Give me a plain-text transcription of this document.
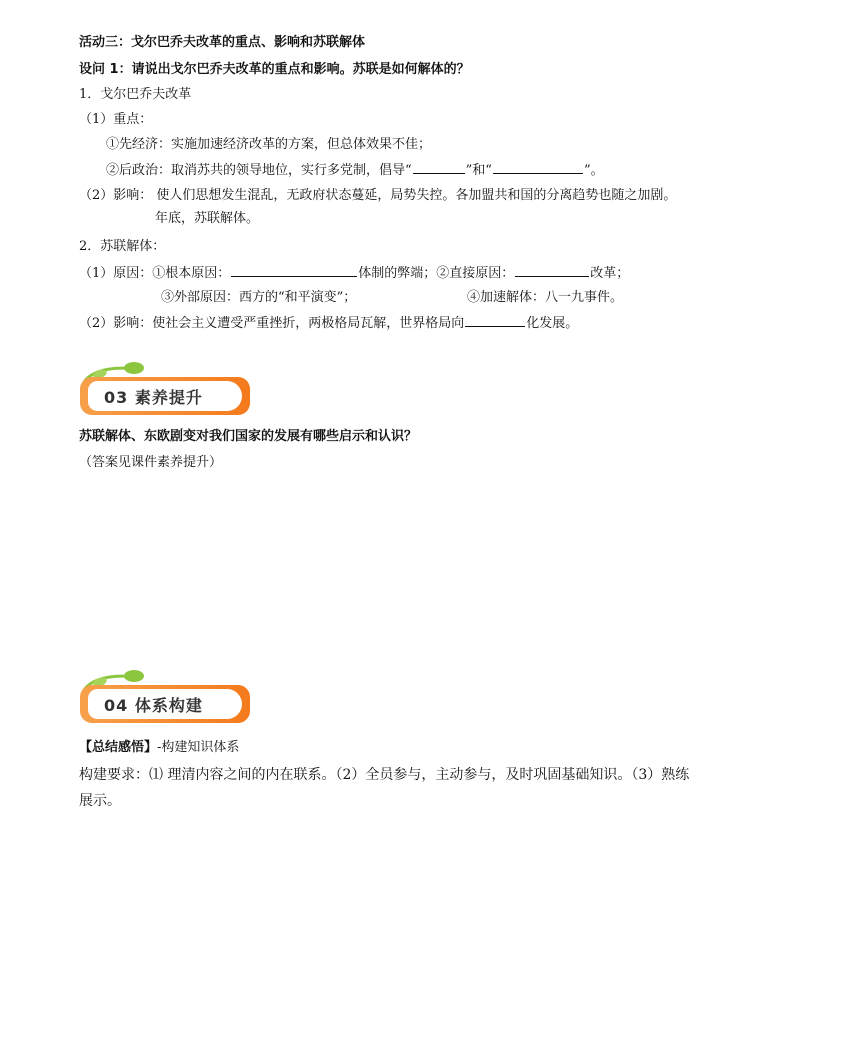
活动三：戈尔巴乔夫改革的重点、影响和苏联解体
设问 1：请说出戈尔巴乔夫改革的重点和影响。苏联是如何解体的？
1．戈尔巴乔夫改革
（1）重点：
①先经济：实施加速经济改革的方案，但总体效果不佳；
②后政治：取消苏共的领导地位，实行多党制，倡导“	”和“	”。
（2）影响： 使人们思想发生混乱，无政府状态蔓延，局势失控。各加盟共和国的分离趋势也随之加剧。
年底，苏联解体。
2．苏联解体：
（1）原因：①根本原因：	体制的弊端；②直接原因：	改革；
③外部原因：西方的“和平演变”；	④加速解体：八一九事件。
（2）影响：使社会主义遭受严重挫折，两极格局瓦解，世界格局向	化发展。
03 素养提升
苏联解体、东欧剧变对我们国家的发展有哪些启示和认识？
（答案见课件素养提升）
04 体系构建
【总结感悟】-构建知识体系
构建要求：⑴ 理清内容之间的内在联系。（2）全员参与，主动参与，及时巩固基础知识。（3）熟练
展示。
